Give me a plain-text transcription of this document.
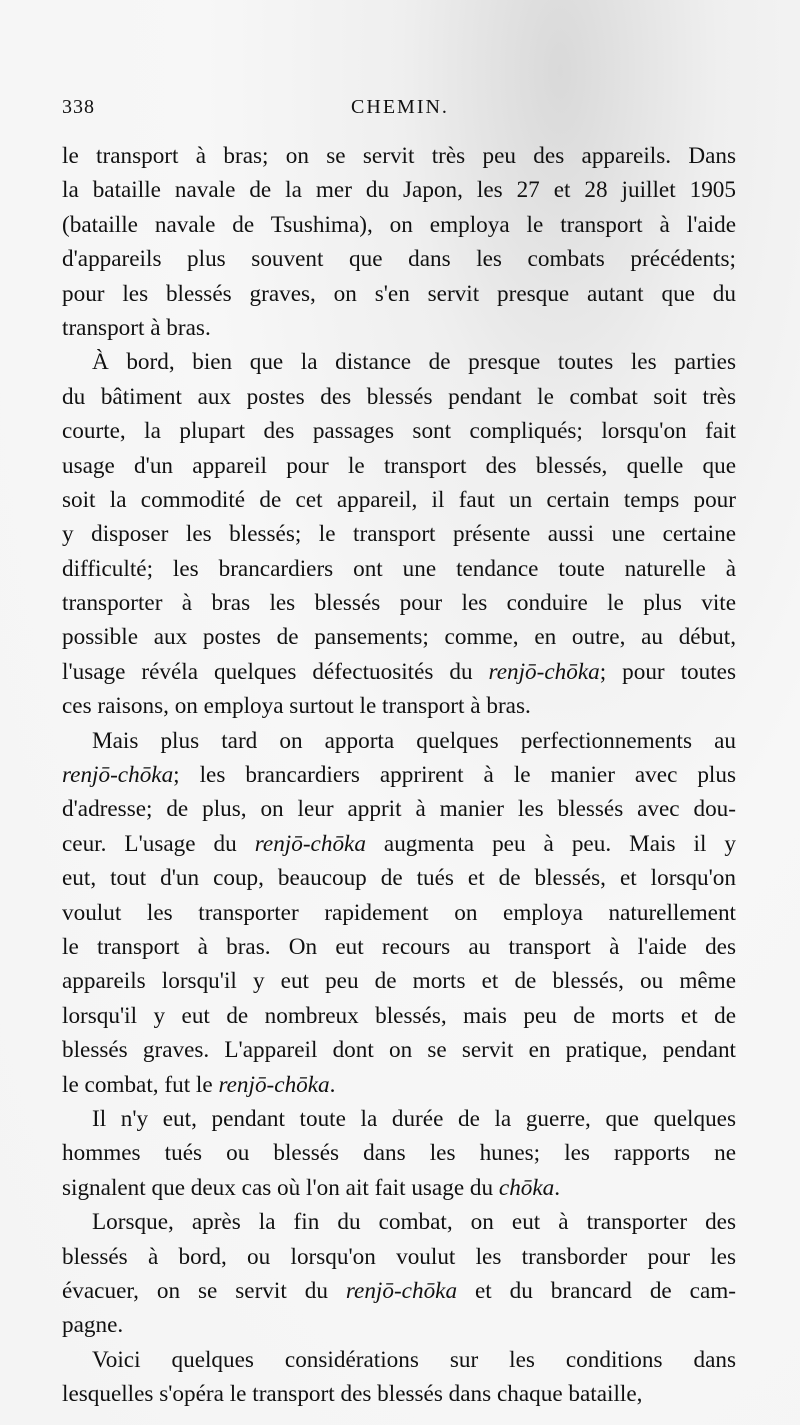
338	CHEMIN.

le transport à bras; on se servit très peu des appareils. Dans
la bataille navale de la mer du Japon, les 27 et 28 juillet 1905
(bataille navale de Tsushima), on employa le transport à l'aide
d'appareils plus souvent que dans les combats précédents;
pour les blessés graves, on s'en servit presque autant que du
transport à bras.

À bord, bien que la distance de presque toutes les parties
du bâtiment aux postes des blessés pendant le combat soit très
courte, la plupart des passages sont compliqués; lorsqu'on fait
usage d'un appareil pour le transport des blessés, quelle que
soit la commodité de cet appareil, il faut un certain temps pour
y disposer les blessés; le transport présente aussi une certaine
difficulté; les brancardiers ont une tendance toute naturelle à
transporter à bras les blessés pour les conduire le plus vite
possible aux postes de pansements; comme, en outre, au début,
l'usage révéla quelques défectuosités du renjō-chōka; pour toutes
ces raisons, on employa surtout le transport à bras.

Mais plus tard on apporta quelques perfectionnements au
renjō-chōka; les brancardiers apprirent à le manier avec plus
d'adresse; de plus, on leur apprit à manier les blessés avec dou-
ceur. L'usage du renjō-chōka augmenta peu à peu. Mais il y
eut, tout d'un coup, beaucoup de tués et de blessés, et lorsqu'on
voulut les transporter rapidement on employa naturellement
le transport à bras. On eut recours au transport à l'aide des
appareils lorsqu'il y eut peu de morts et de blessés, ou même
lorsqu'il y eut de nombreux blessés, mais peu de morts et de
blessés graves. L'appareil dont on se servit en pratique, pendant
le combat, fut le renjō-chōka.

Il n'y eut, pendant toute la durée de la guerre, que quelques
hommes tués ou blessés dans les hunes; les rapports ne
signalent que deux cas où l'on ait fait usage du chōka.

Lorsque, après la fin du combat, on eut à transporter des
blessés à bord, ou lorsqu'on voulut les transborder pour les
évacuer, on se servit du renjō-chōka et du brancard de cam-
pagne.

Voici quelques considérations sur les conditions dans
lesquelles s'opéra le transport des blessés dans chaque bataille,
